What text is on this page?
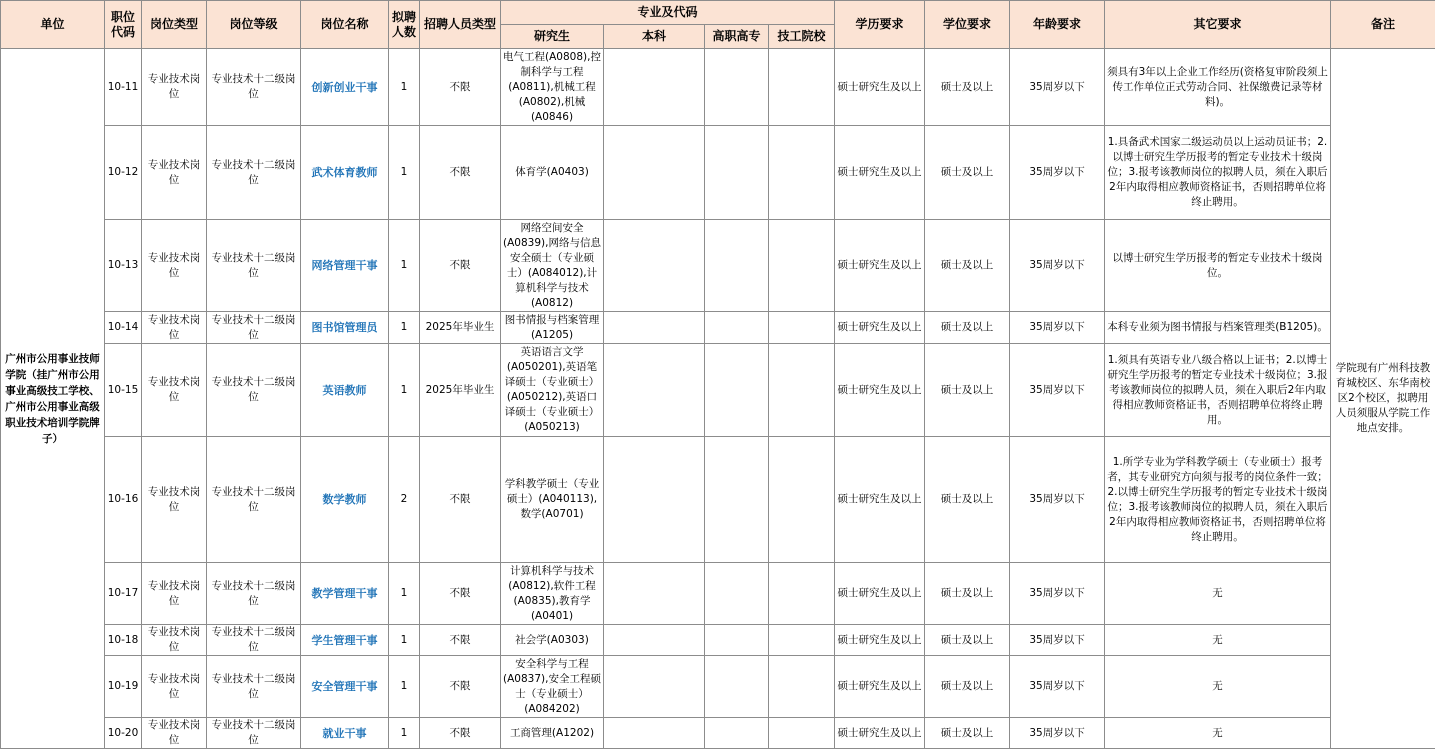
单位	职位代码	岗位类型	岗位等级	岗位名称	拟聘人数	招聘人员类型	专业及代码				学历要求	学位要求	年龄要求	其它要求	备注
							研究生	本科	高职高专	技工院校					
广州市公用事业技师学院（挂广州市公用事业高级技工学校、广州市公用事业高级职业技术培训学院牌子）	10-11	专业技术岗位	专业技术十二级岗位	创新创业干事	1	不限	电气工程(A0808),控制科学与工程(A0811),机械工程(A0802),机械(A0846)				硕士研究生及以上	硕士及以上	35周岁以下	须具有3年以上企业工作经历(资格复审阶段须上传工作单位正式劳动合同、社保缴费记录等材料)。	学院现有广州科技教育城校区、东华南校区2个校区，拟聘用人员须服从学院工作地点安排。
	10-12	专业技术岗位	专业技术十二级岗位	武术体育教师	1	不限	体育学(A0403)				硕士研究生及以上	硕士及以上	35周岁以下	1.具备武术国家二级运动员以上运动员证书；2.以博士研究生学历报考的暂定专业技术十级岗位；3.报考该教师岗位的拟聘人员，须在入职后2年内取得相应教师资格证书，否则招聘单位将终止聘用。	
	10-13	专业技术岗位	专业技术十二级岗位	网络管理干事	1	不限	网络空间安全(A0839),网络与信息安全硕士（专业硕士）(A084012),计算机科学与技术(A0812)				硕士研究生及以上	硕士及以上	35周岁以下	以博士研究生学历报考的暂定专业技术十级岗位。	
	10-14	专业技术岗位	专业技术十二级岗位	图书馆管理员	1	2025年毕业生	图书情报与档案管理(A1205)				硕士研究生及以上	硕士及以上	35周岁以下	本科专业须为图书情报与档案管理类(B1205)。	
	10-15	专业技术岗位	专业技术十二级岗位	英语教师	1	2025年毕业生	英语语言文学(A050201),英语笔译硕士（专业硕士）(A050212),英语口译硕士（专业硕士）(A050213)				硕士研究生及以上	硕士及以上	35周岁以下	1.须具有英语专业八级合格以上证书；2.以博士研究生学历报考的暂定专业技术十级岗位；3.报考该教师岗位的拟聘人员，须在入职后2年内取得相应教师资格证书，否则招聘单位将终止聘用。	
	10-16	专业技术岗位	专业技术十二级岗位	数学教师	2	不限	学科教学硕士（专业硕士）(A040113),数学(A0701)				硕士研究生及以上	硕士及以上	35周岁以下	1.所学专业为学科教学硕士（专业硕士）报考者，其专业研究方向须与报考的岗位条件一致；2.以博士研究生学历报考的暂定专业技术十级岗位；3.报考该教师岗位的拟聘人员，须在入职后2年内取得相应教师资格证书，否则招聘单位将终止聘用。	
	10-17	专业技术岗位	专业技术十二级岗位	教学管理干事	1	不限	计算机科学与技术(A0812),软件工程(A0835),教育学(A0401)				硕士研究生及以上	硕士及以上	35周岁以下	无	
	10-18	专业技术岗位	专业技术十二级岗位	学生管理干事	1	不限	社会学(A0303)				硕士研究生及以上	硕士及以上	35周岁以下	无	
	10-19	专业技术岗位	专业技术十二级岗位	安全管理干事	1	不限	安全科学与工程(A0837),安全工程硕士（专业硕士）(A084202)				硕士研究生及以上	硕士及以上	35周岁以下	无	
	10-20	专业技术岗位	专业技术十二级岗位	就业干事	1	不限	工商管理(A1202)				硕士研究生及以上	硕士及以上	35周岁以下	无	
